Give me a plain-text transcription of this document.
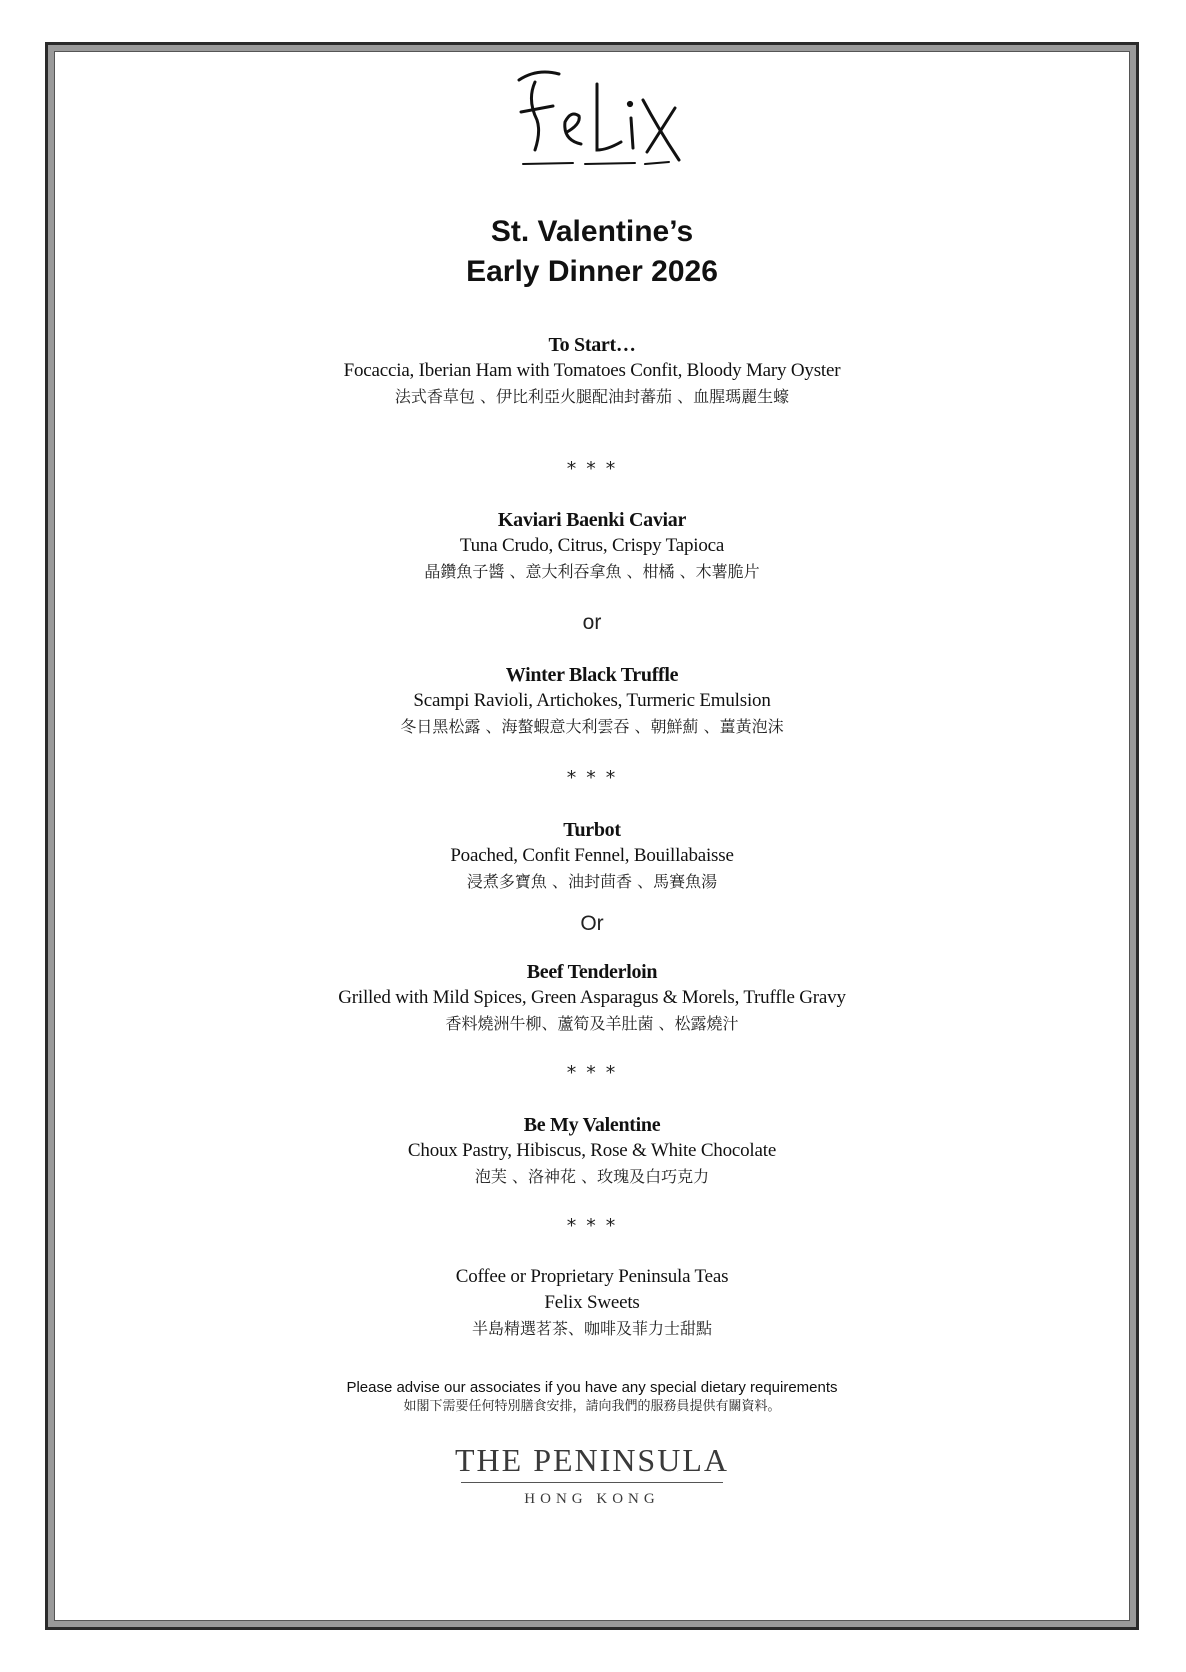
St. Valentine’s
Early Dinner 2026
To Start…
Focaccia, Iberian Ham with Tomatoes Confit, Bloody Mary Oyster
法式香草包 、伊比利亞火腿配油封蕃茄 、血腥瑪麗生蠔
* * *
Kaviari Baenki Caviar
Tuna Crudo, Citrus, Crispy Tapioca
晶鑽魚子醬 、意大利吞拿魚 、柑橘 、木薯脆片
or
Winter Black Truffle
Scampi Ravioli, Artichokes, Turmeric Emulsion
冬日黑松露 、海螯蝦意大利雲吞 、朝鮮薊 、薑黃泡沫
* * *
Turbot
Poached, Confit Fennel, Bouillabaisse
浸煮多寶魚 、油封茴香 、馬賽魚湯
Or
Beef Tenderloin
Grilled with Mild Spices, Green Asparagus & Morels, Truffle Gravy
香料燒洲牛柳、蘆筍及羊肚菌 、松露燒汁
* * *
Be My Valentine
Choux Pastry, Hibiscus, Rose & White Chocolate
泡芙 、洛神花 、玫瑰及白巧克力
* * *
Coffee or Proprietary Peninsula Teas
Felix Sweets
半島精選茗茶、咖啡及菲力士甜點
Please advise our associates if you have any special dietary requirements
如閣下需要任何特別膳食安排，請向我們的服務員提供有關資料。
THE PENINSULA
HONG KONG
